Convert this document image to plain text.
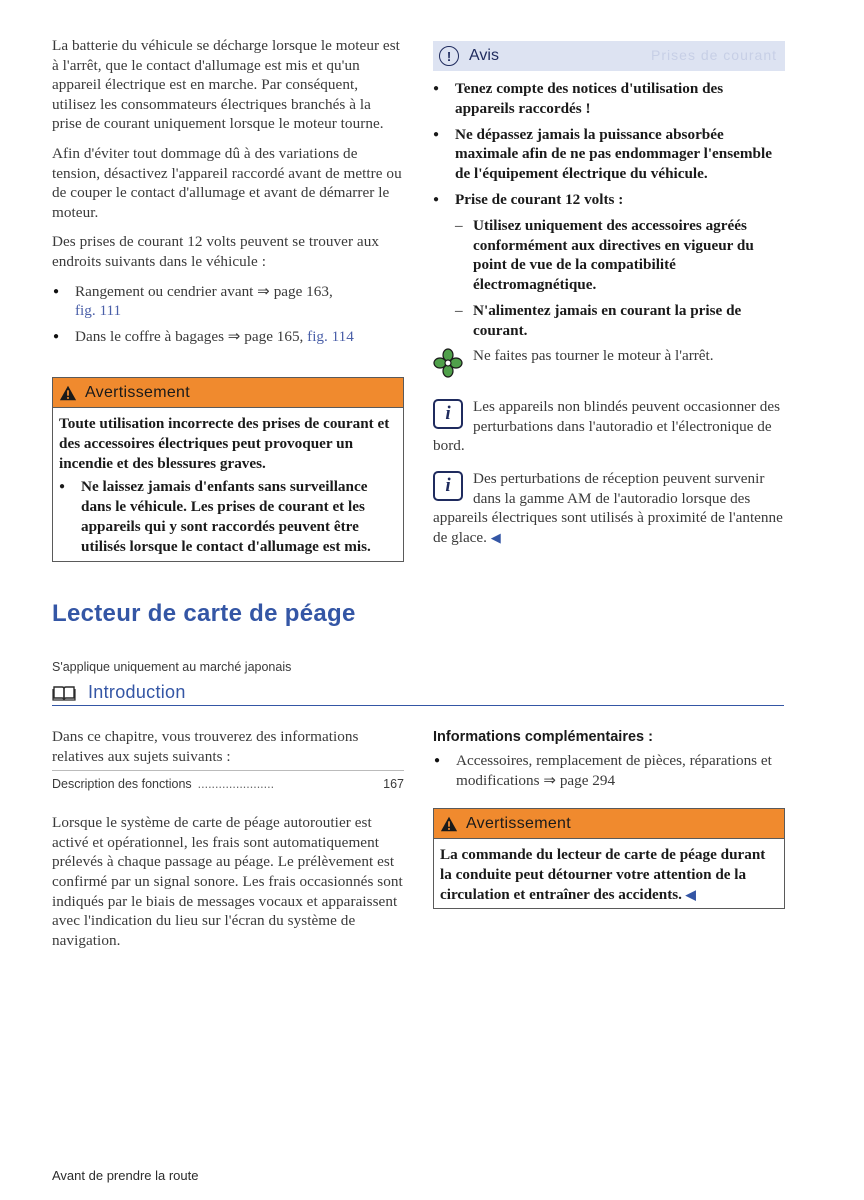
La batterie du véhicule se décharge lorsque le moteur est à l'arrêt, que le contact d'allumage est mis et qu'un appareil électrique est en marche. Par conséquent, utilisez les consommateurs électriques branchés à la prise de courant uniquement lorsque le moteur tourne.

Afin d'éviter tout dommage dû à des variations de tension, désactivez l'appareil raccordé avant de mettre ou de couper le contact d'allumage et avant de démarrer le moteur.

Des prises de courant 12 volts peuvent se trouver aux endroits suivants dans le véhicule :

● Rangement ou cendrier avant ⇒ page 163,
fig. 111
● Dans le coffre à bagages ⇒ page 165, fig. 114
Avertissement

Toute utilisation incorrecte des prises de courant et des accessoires électriques peut provoquer un incendie et des blessures graves.

● Ne laissez jamais d'enfants sans surveillance dans le véhicule. Les prises de courant et les appareils qui y sont raccordés peuvent être utilisés lorsque le contact d'allumage est mis.
!	Avis	Prises de courant
● Tenez compte des notices d'utilisation des appareils raccordés !
● Ne dépassez jamais la puissance absorbée maximale afin de ne pas endommager l'ensemble de l'équipement électrique du véhicule.
● Prise de courant 12 volts :
– Utilisez uniquement des accessoires agréés conformément aux directives en vigueur du point de vue de la compatibilité électromagnétique.
– N'alimentez jamais en courant la prise de courant.
Ne faites pas tourner le moteur à l'arrêt.
i	Les appareils non blindés peuvent occasionner des perturbations dans l'autoradio et l'électronique de bord.
i	Des perturbations de réception peuvent survenir dans la gamme AM de l'autoradio lorsque des appareils électriques sont utilisés à proximité de l'antenne de glace. ◀
Lecteur de carte de péage
S'applique uniquement au marché japonais
Introduction

Dans ce chapitre, vous trouverez des informations relatives aux sujets suivants :

Description des fonctions ......................	167

Lorsque le système de carte de péage autoroutier est activé et opérationnel, les frais sont automatiquement prélevés à chaque passage au péage. Le prélèvement est confirmé par un signal sonore. Les frais occasionnés sont indiqués par le biais de messages vocaux et apparaissent avec l'indication du lieu sur l'écran du système de navigation.

Informations complémentaires :
● Accessoires, remplacement de pièces, réparations et modifications ⇒ page 294
Avertissement

La commande du lecteur de carte de péage durant la conduite peut détourner votre attention de la circulation et entraîner des accidents. ◀

Avant de prendre la route
